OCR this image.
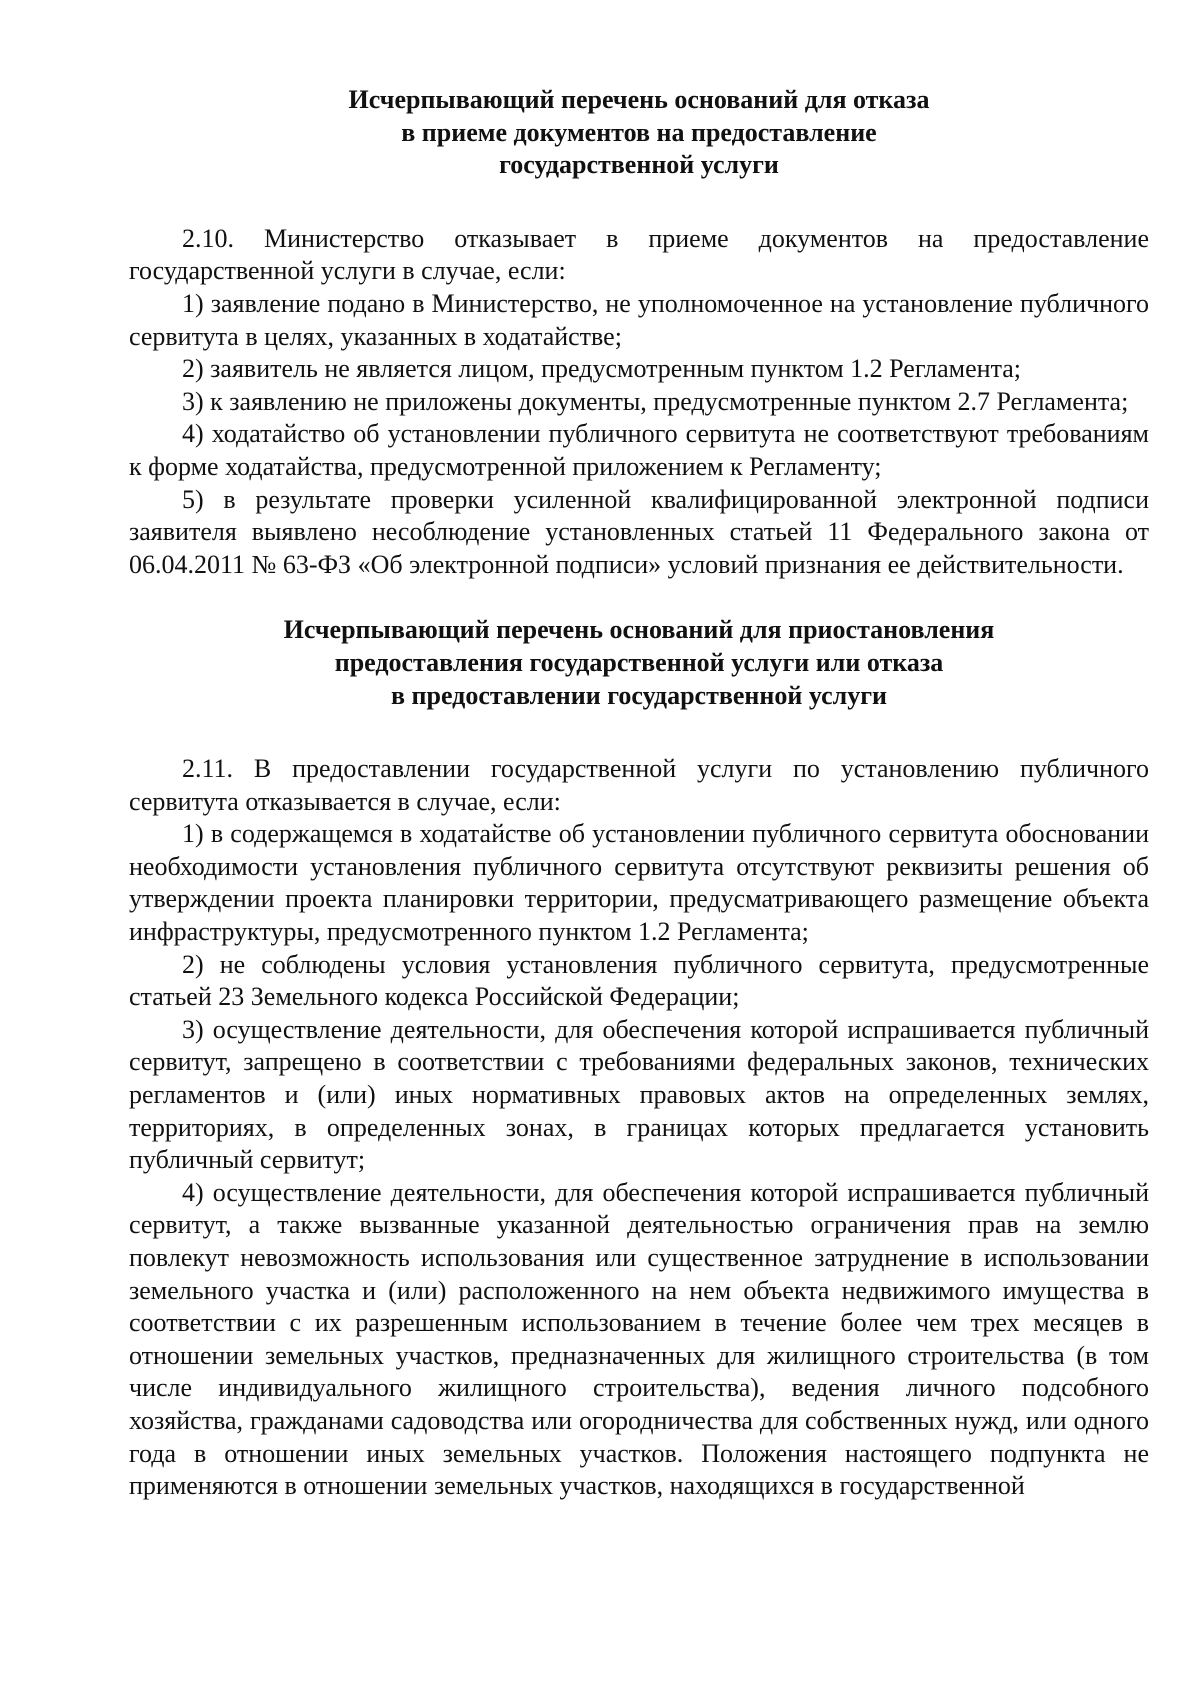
Исчерпывающий перечень оснований для отказа
в приеме документов на предоставление
государственной услуги

2.10. Министерство отказывает в приеме документов на предоставление государственной услуги в случае, если:

1) заявление подано в Министерство, не уполномоченное на установление публичного сервитута в целях, указанных в ходатайстве;

2) заявитель не является лицом, предусмотренным пунктом 1.2 Регламента;

3) к заявлению не приложены документы, предусмотренные пунктом 2.7 Регламента;

4) ходатайство об установлении публичного сервитута не соответствуют требованиям к форме ходатайства, предусмотренной приложением к Регламенту;

5) в результате проверки усиленной квалифицированной электронной подписи заявителя выявлено несоблюдение установленных статьей 11 Федерального закона от 06.04.2011 № 63-ФЗ «Об электронной подписи» условий признания ее действительности.

Исчерпывающий перечень оснований для приостановления
предоставления государственной услуги или отказа
в предоставлении государственной услуги

2.11. В предоставлении государственной услуги по установлению публичного сервитута отказывается в случае, если:

1) в содержащемся в ходатайстве об установлении публичного сервитута обосновании необходимости установления публичного сервитута отсутствуют реквизиты решения об утверждении проекта планировки территории, предусматривающего размещение объекта инфраструктуры, предусмотренного пунктом 1.2 Регламента;

2) не соблюдены условия установления публичного сервитута, предусмотренные статьей 23 Земельного кодекса Российской Федерации;

3) осуществление деятельности, для обеспечения которой испрашивается публичный сервитут, запрещено в соответствии с требованиями федеральных законов, технических регламентов и (или) иных нормативных правовых актов на определенных землях, территориях, в определенных зонах, в границах которых предлагается установить публичный сервитут;

4) осуществление деятельности, для обеспечения которой испрашивается публичный сервитут, а также вызванные указанной деятельностью ограничения прав на землю повлекут невозможность использования или существенное затруднение в использовании земельного участка и (или) расположенного на нем объекта недвижимого имущества в соответствии с их разрешенным использованием в течение более чем трех месяцев в отношении земельных участков, предназначенных для жилищного строительства (в том числе индивидуального жилищного строительства), ведения личного подсобного хозяйства, гражданами садоводства или огородничества для собственных нужд, или одного года в отношении иных земельных участков. Положения настоящего подпункта не применяются в отношении земельных участков, находящихся в государственной
